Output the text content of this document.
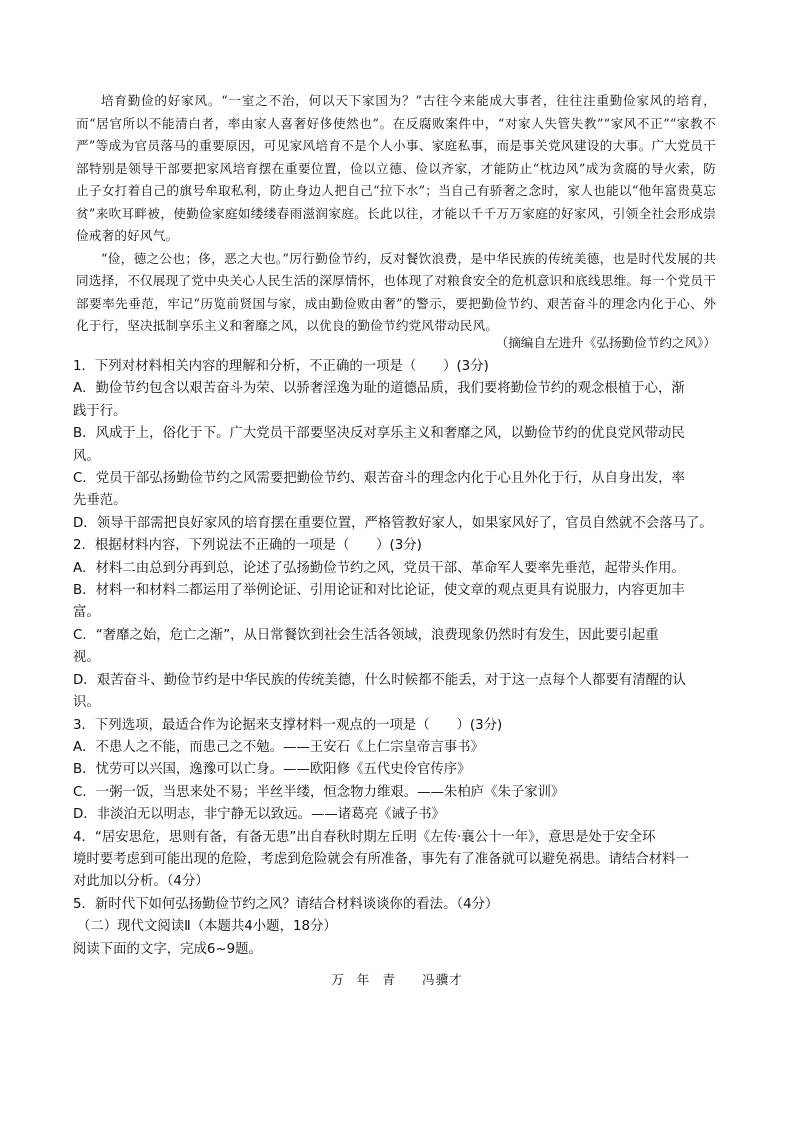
培育勤俭的好家风。“一室之不治，何以天下家国为？”古往今来能成大事者，往往注重勤俭家风的培育，而“居官所以不能清白者，率由家人喜奢好侈使然也”。在反腐败案件中，“对家人失管失教”“家风不正”“家教不严”等成为官员落马的重要原因，可见家风培育不是个人小事、家庭私事，而是事关党风建设的大事。广大党员干部特别是领导干部要把家风培育摆在重要位置，俭以立德、俭以齐家，才能防止“枕边风”成为贪腐的导火索，防止子女打着自己的旗号牟取私利，防止身边人把自己“拉下水”；当自己有骄奢之念时，家人也能以“他年富贵莫忘贫”来吹耳畔被，使勤俭家庭如缕缕春雨滋润家庭。长此以往，才能以千千万万家庭的好家风，引领全社会形成崇俭戒奢的好风气。

“俭，德之公也；侈，恶之大也。”厉行勤俭节约，反对餐饮浪费，是中华民族的传统美德，也是时代发展的共同选择，不仅展现了党中央关心人民生活的深厚情怀，也体现了对粮食安全的危机意识和底线思维。每一个党员干部要率先垂范，牢记“历览前贤国与家，成由勤俭败由奢”的警示，要把勤俭节约、艰苦奋斗的理念内化于心、外化于行，坚决抵制享乐主义和奢靡之风，以优良的勤俭节约党风带动民风。

（摘编自左进升《弘扬勤俭节约之风》）

1．下列对材料相关内容的理解和分析，不正确的一项是（　　）(3分)

A．勤俭节约包含以艰苦奋斗为荣、以骄奢淫逸为耻的道德品质，我们要将勤俭节约的观念根植于心，渐

践于行。

B．风成于上，俗化于下。广大党员干部要坚决反对享乐主义和奢靡之风，以勤俭节约的优良党风带动民

风。

C．党员干部弘扬勤俭节约之风需要把勤俭节约、艰苦奋斗的理念内化于心且外化于行，从自身出发，率

先垂范。

D．领导干部需把良好家风的培育摆在重要位置，严格管教好家人，如果家风好了，官员自然就不会落马了。

2．根据材料内容，下列说法不正确的一项是（　　）(3分)

A．材料二由总到分再到总，论述了弘扬勤俭节约之风，党员干部、革命军人要率先垂范，起带头作用。

B．材料一和材料二都运用了举例论证、引用论证和对比论证，使文章的观点更具有说服力，内容更加丰

富。

C．“奢靡之始，危亡之渐”，从日常餐饮到社会生活各领域，浪费现象仍然时有发生，因此要引起重

视。

D．艰苦奋斗、勤俭节约是中华民族的传统美德，什么时候都不能丢，对于这一点每个人都要有清醒的认

识。

3．下列选项，最适合作为论据来支撑材料一观点的一项是（　　）(3分)

A．不患人之不能，而患己之不勉。——王安石《上仁宗皇帝言事书》

B．忧劳可以兴国，逸豫可以亡身。——欧阳修《五代史伶官传序》

C．一粥一饭，当思来处不易；半丝半缕，恒念物力维艰。——朱柏庐《朱子家训》

D．非淡泊无以明志，非宁静无以致远。——诸葛亮《诫子书》

4．“居安思危，思则有备，有备无患”出自春秋时期左丘明《左传·襄公十一年》，意思是处于安全环

境时要考虑到可能出现的危险，考虑到危险就会有所准备，事先有了准备就可以避免祸患。请结合材料一

对此加以分析。（4分）

5．新时代下如何弘扬勤俭节约之风？请结合材料谈谈你的看法。（4分）

（二）现代文阅读Ⅱ（本题共4小题，18分）

阅读下面的文字，完成6~9题。

万年青 冯骥才
